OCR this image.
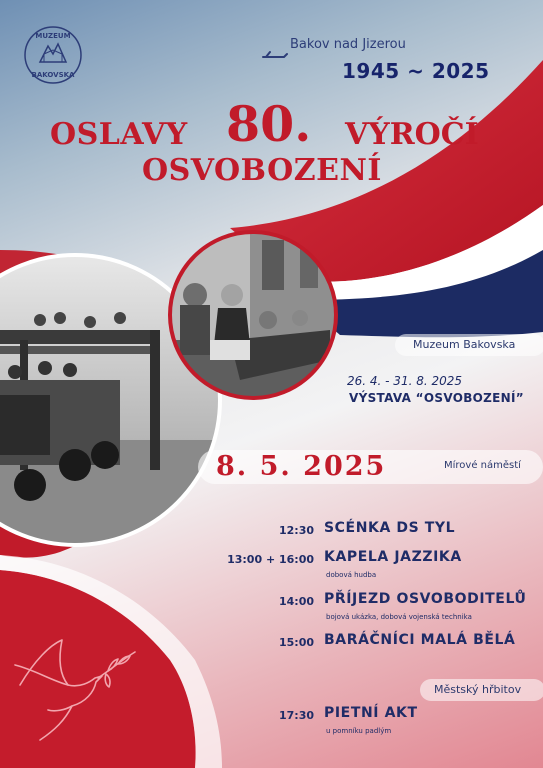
MUZEUM
BAKOVSKA
Bakov nad Jizerou
1945 ~ 2025
OSLAVY 80. VÝROČÍ
OSVOBOZENÍ
Muzeum Bakovska
26. 4. - 31. 8. 2025
VÝSTAVA “OSVOBOZENÍ”
8. 5. 2025	Mírové náměstí
12:30 SCÉNKA DS TYL
13:00 + 16:00 KAPELA JAZZIKA
dobová hudba
14:00 PŘÍJEZD OSVOBODITELŮ
bojová ukázka, dobová vojenská technika
15:00 BARÁČNÍCI MALÁ BĚLÁ
Městský hřbitov
17:30 PIETNÍ AKT
u pomníku padlým
